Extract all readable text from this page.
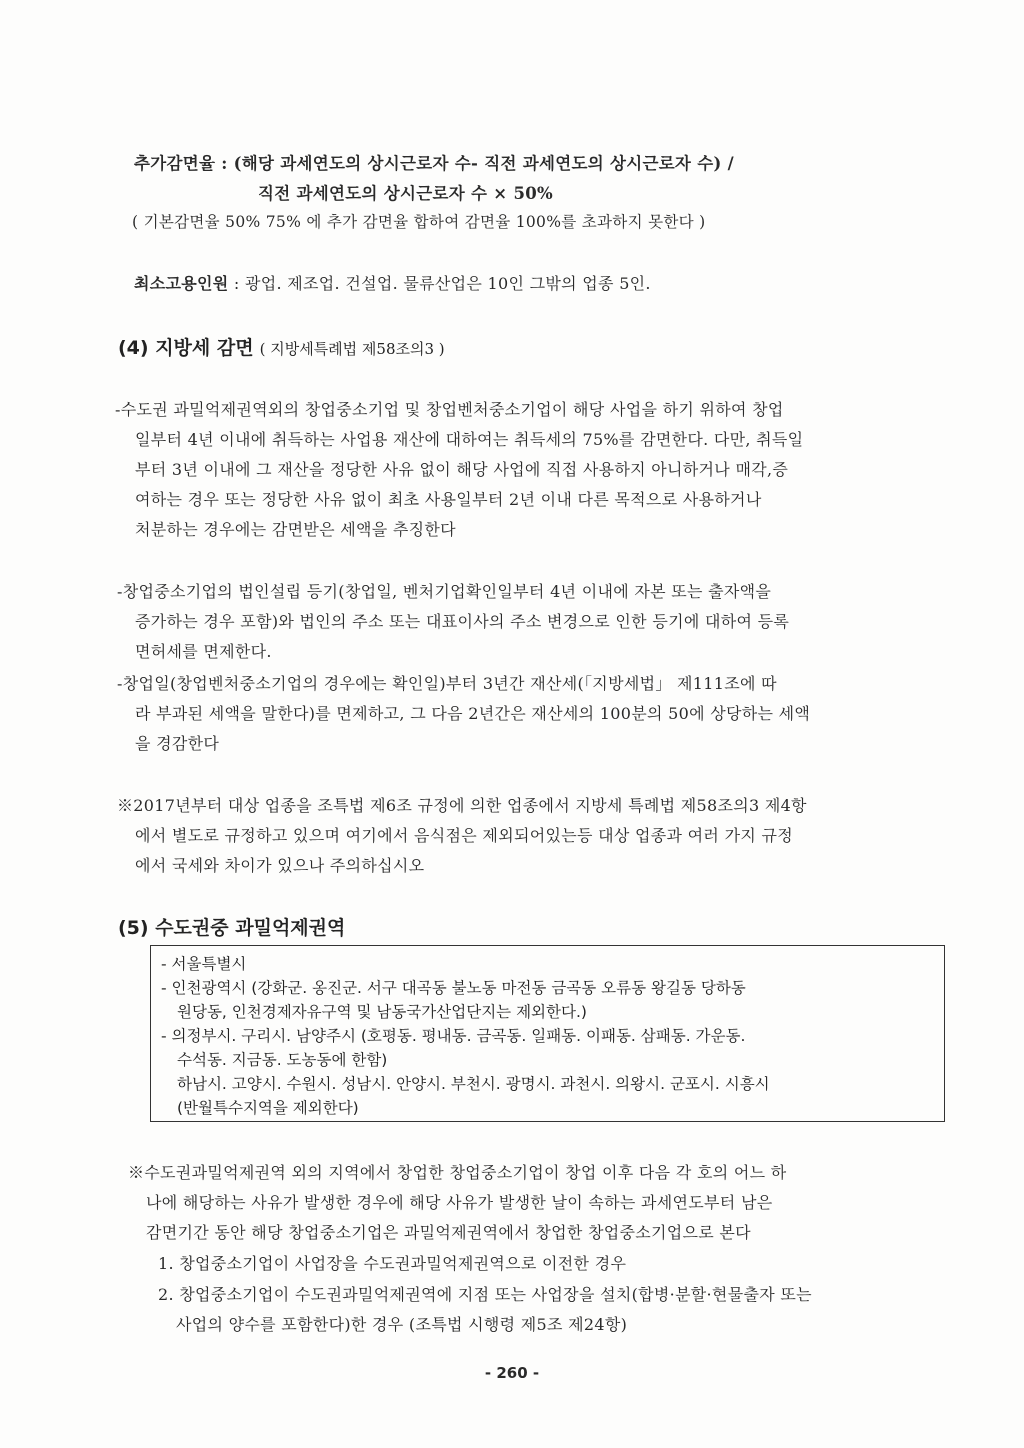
추가감면율 : (해당 과세연도의 상시근로자 수- 직전 과세연도의 상시근로자 수) /
직전 과세연도의 상시근로자 수 × 50%
( 기본감면율 50% 75% 에 추가 감면율 합하여 감면율 100%를 초과하지 못한다 )
최소고용인원 : 광업. 제조업. 건설업. 물류산업은 10인 그밖의 업종 5인.
(4) 지방세 감면 ( 지방세특례법 제58조의3 )
-수도권 과밀억제권역외의 창업중소기업 및 창업벤처중소기업이 해당 사업을 하기 위하여 창업
일부터 4년 이내에 취득하는 사업용 재산에 대하여는 취득세의 75%를 감면한다. 다만, 취득일
부터 3년 이내에 그 재산을 정당한 사유 없이 해당 사업에 직접 사용하지 아니하거나 매각,증
여하는 경우 또는 정당한 사유 없이 최초 사용일부터 2년 이내 다른 목적으로 사용하거나
처분하는 경우에는 감면받은 세액을 추징한다
-창업중소기업의 법인설립 등기(창업일, 벤처기업확인일부터 4년 이내에 자본 또는 출자액을
증가하는 경우 포함)와 법인의 주소 또는 대표이사의 주소 변경으로 인한 등기에 대하여 등록
면허세를 면제한다.
-창업일(창업벤처중소기업의 경우에는 확인일)부터 3년간 재산세(「지방세법」 제111조에 따
라 부과된 세액을 말한다)를 면제하고, 그 다음 2년간은 재산세의 100분의 50에 상당하는 세액
을 경감한다
※2017년부터 대상 업종을 조특법 제6조 규정에 의한 업종에서 지방세 특례법 제58조의3 제4항
에서 별도로 규정하고 있으며 여기에서 음식점은 제외되어있는등 대상 업종과 여러 가지 규정
에서 국세와 차이가 있으나 주의하십시오
(5) 수도권중 과밀억제권역
- 서울특별시
- 인천광역시 (강화군. 옹진군. 서구 대곡동 불노동 마전동 금곡동 오류동 왕길동 당하동
원당동, 인천경제자유구역 및 남동국가산업단지는 제외한다.)
- 의정부시. 구리시. 남양주시 (호평동. 평내동. 금곡동. 일패동. 이패동. 삼패동. 가운동.
수석동. 지금동. 도농동에 한함)
하남시. 고양시. 수원시. 성남시. 안양시. 부천시. 광명시. 과천시. 의왕시. 군포시. 시흥시
(반월특수지역을 제외한다)
※수도권과밀억제권역 외의 지역에서 창업한 창업중소기업이 창업 이후 다음 각 호의 어느 하
나에 해당하는 사유가 발생한 경우에 해당 사유가 발생한 날이 속하는 과세연도부터 남은
감면기간 동안 해당 창업중소기업은 과밀억제권역에서 창업한 창업중소기업으로 본다
1. 창업중소기업이 사업장을 수도권과밀억제권역으로 이전한 경우
2. 창업중소기업이 수도권과밀억제권역에 지점 또는 사업장을 설치(합병·분할·현물출자 또는
사업의 양수를 포함한다)한 경우 (조특법 시행령 제5조 제24항)
- 260 -
